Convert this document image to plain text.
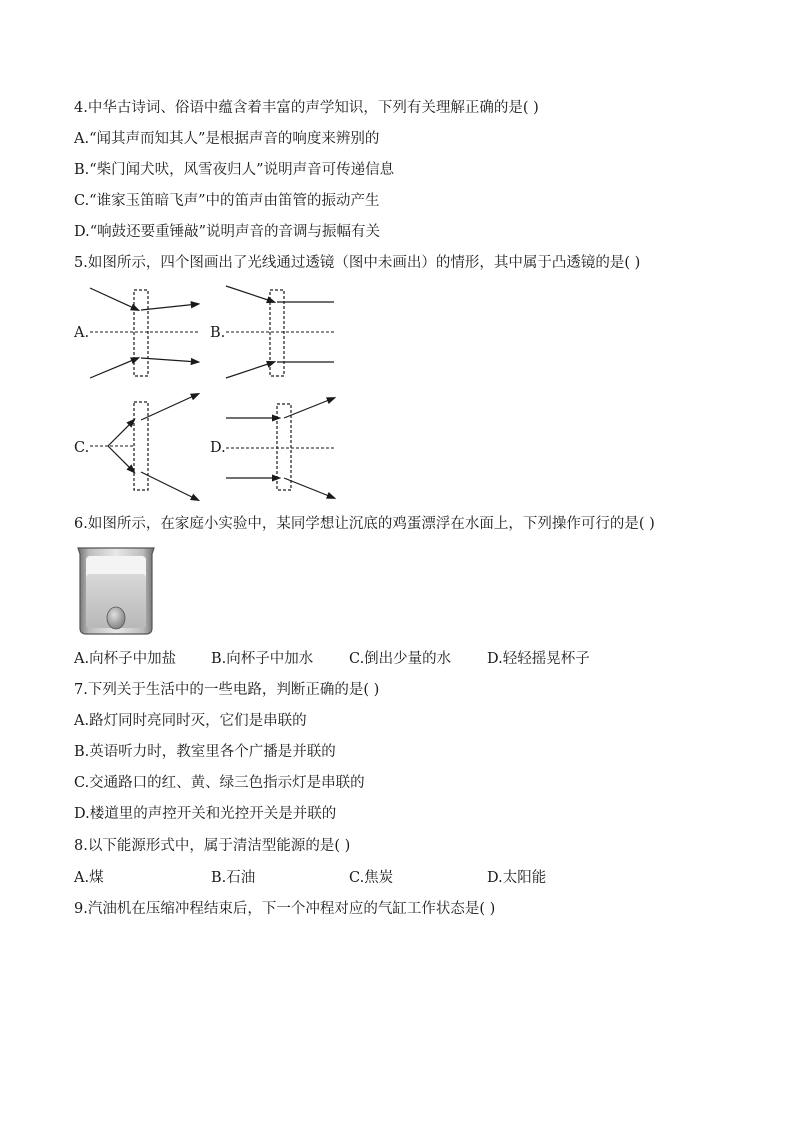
4.中华古诗词、俗语中蕴含着丰富的声学知识，下列有关理解正确的是( )
A.“闻其声而知其人”是根据声音的响度来辨别的
B.“柴门闻犬吠，风雪夜归人”说明声音可传递信息
C.“谁家玉笛暗飞声”中的笛声由笛管的振动产生
D.“响鼓还要重锤敲”说明声音的音调与振幅有关
5.如图所示，四个图画出了光线通过透镜（图中未画出）的情形，其中属于凸透镜的是( )
A.	B.
C.	D.
6.如图所示，在家庭小实验中，某同学想让沉底的鸡蛋漂浮在水面上，下列操作可行的是( )
A.向杯子中加盐 B.向杯子中加水 C.倒出少量的水 D.轻轻摇晃杯子
7.下列关于生活中的一些电路，判断正确的是( )
A.路灯同时亮同时灭，它们是串联的
B.英语听力时，教室里各个广播是并联的
C.交通路口的红、黄、绿三色指示灯是串联的
D.楼道里的声控开关和光控开关是并联的
8.以下能源形式中，属于清洁型能源的是( )
A.煤	B.石油	C.焦炭	D.太阳能
9.汽油机在压缩冲程结束后，下一个冲程对应的气缸工作状态是( )
